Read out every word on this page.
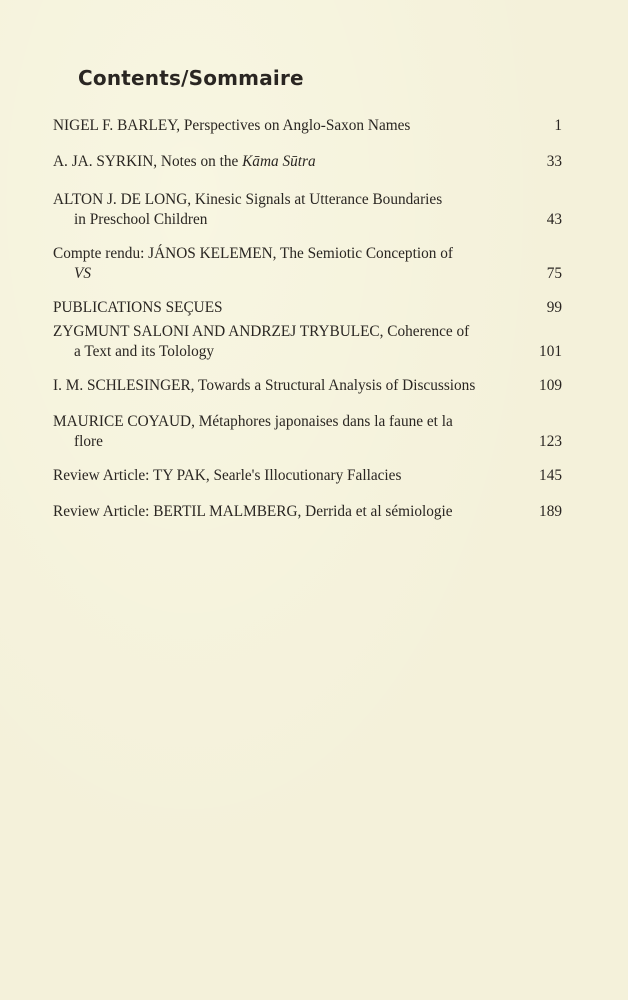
Contents/Sommaire
NIGEL F. BARLEY, Perspectives on Anglo-Saxon Names	1
A. JA. SYRKIN, Notes on the Kāma Sūtra	33
ALTON J. DE LONG, Kinesic Signals at Utterance Boundaries
in Preschool Children	43
Compte rendu: JÁNOS KELEMEN, The Semiotic Conception of
VS	75
PUBLICATIONS SEÇUES	99
ZYGMUNT SALONI AND ANDRZEJ TRYBULEC, Coherence of
a Text and its Tolology	101
I. M. SCHLESINGER, Towards a Structural Analysis of Discussions	109
MAURICE COYAUD, Métaphores japonaises dans la faune et la
flore	123
Review Article: TY PAK, Searle's Illocutionary Fallacies	145
Review Article: BERTIL MALMBERG, Derrida et al sémiologie	189
